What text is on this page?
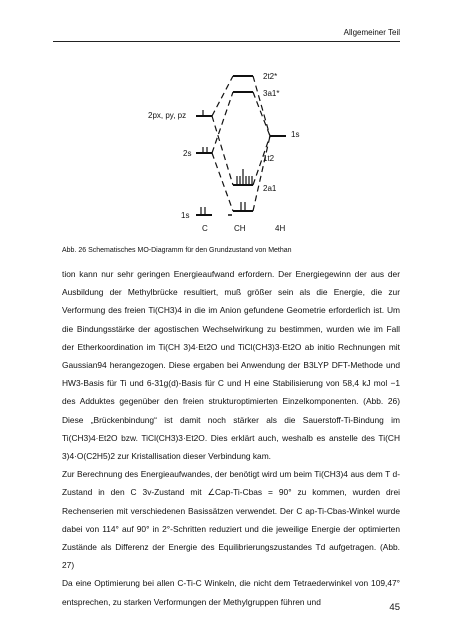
Allgemeiner Teil
2t2*
3a1*
2px, py, pz
1s
2s
1t2
2a1
1s
C	CH	4H
Abb. 26 Schematisches MO-Diagramm für den Grundzustand von Methan

tion kann nur sehr geringen Energieaufwand erfordern. Der Energiegewinn der aus der Ausbildung der Methylbrücke resultiert, muß größer sein als die Energie, die zur Verformung des freien Ti(CH3)4 in die im Anion gefundene Geometrie erforderlich ist. Um die Bindungsstärke der agostischen Wechselwirkung zu bestimmen, wurden wie im Fall der Etherkoordination im Ti(CH 3)4·Et2O und TiCl(CH3)3·Et2O ab initio Rechnungen mit Gaussian94 herangezogen. Diese ergaben bei Anwendung der B3LYP DFT-Methode und HW3-Basis für Ti und 6-31g(d)-Basis für C und H eine Stabilisierung von 58,4 kJ mol −1 des Adduktes gegenüber den freien strukturoptimierten Einzelkomponenten. (Abb. 26) Diese „Brückenbindung“ ist damit noch stärker als die Sauerstoff-Ti-Bindung im Ti(CH3)4·Et2O bzw. TiCl(CH3)3·Et2O. Dies erklärt auch, weshalb es anstelle des Ti(CH 3)4·O(C2H5)2 zur Kristallisation dieser Verbindung kam.

Zur Berechnung des Energieaufwandes, der benötigt wird um beim Ti(CH3)4 aus dem T d-Zustand in den C 3v-Zustand mit ∠Cap-Ti-Cbas = 90° zu kommen, wurden drei Rechenserien mit verschiedenen Basissätzen verwendet. Der C ap-Ti-Cbas-Winkel wurde dabei von 114° auf 90° in 2°-Schritten reduziert und die jeweilige Energie der optimierten Zustände als Differenz der Energie des Equilibrierungszustandes Td aufgetragen. (Abb. 27)

Da eine Optimierung bei allen C-Ti-C Winkeln, die nicht dem Tetraederwinkel von 109,47° entsprechen, zu starken Verformungen der Methylgruppen führen und

45
